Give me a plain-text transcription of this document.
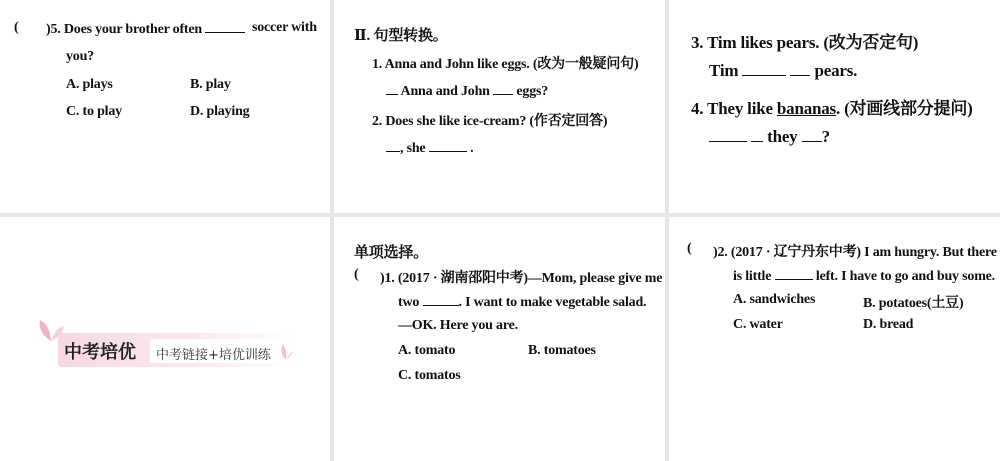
( )5. Does your brother often	soccer with
you?
A. plays	B. play
C. to play	D. playing
Ⅱ. 句型转换。
1. Anna and John like eggs. (改为一般疑问句)
Anna and John eggs?
2. Does she like ice-cream? (作否定回答)
, she	.
3. Tim likes pears. (改为否定句)
Tim	pears.
4. They like bananas. (对画线部分提问)
they ?
中考培优 中考链接+培优训练
单项选择。
( )1. (2017 · 湖南邵阳中考)—Mom, please give me
two	. I want to make vegetable salad.
—OK. Here you are.
A. tomato	B. tomatoes
C. tomatos
( )2. (2017 · 辽宁丹东中考) I am hungry. But there
is little	left. I have to go and buy some.
A. sandwiches	B. potatoes(土豆)
C. water	D. bread
